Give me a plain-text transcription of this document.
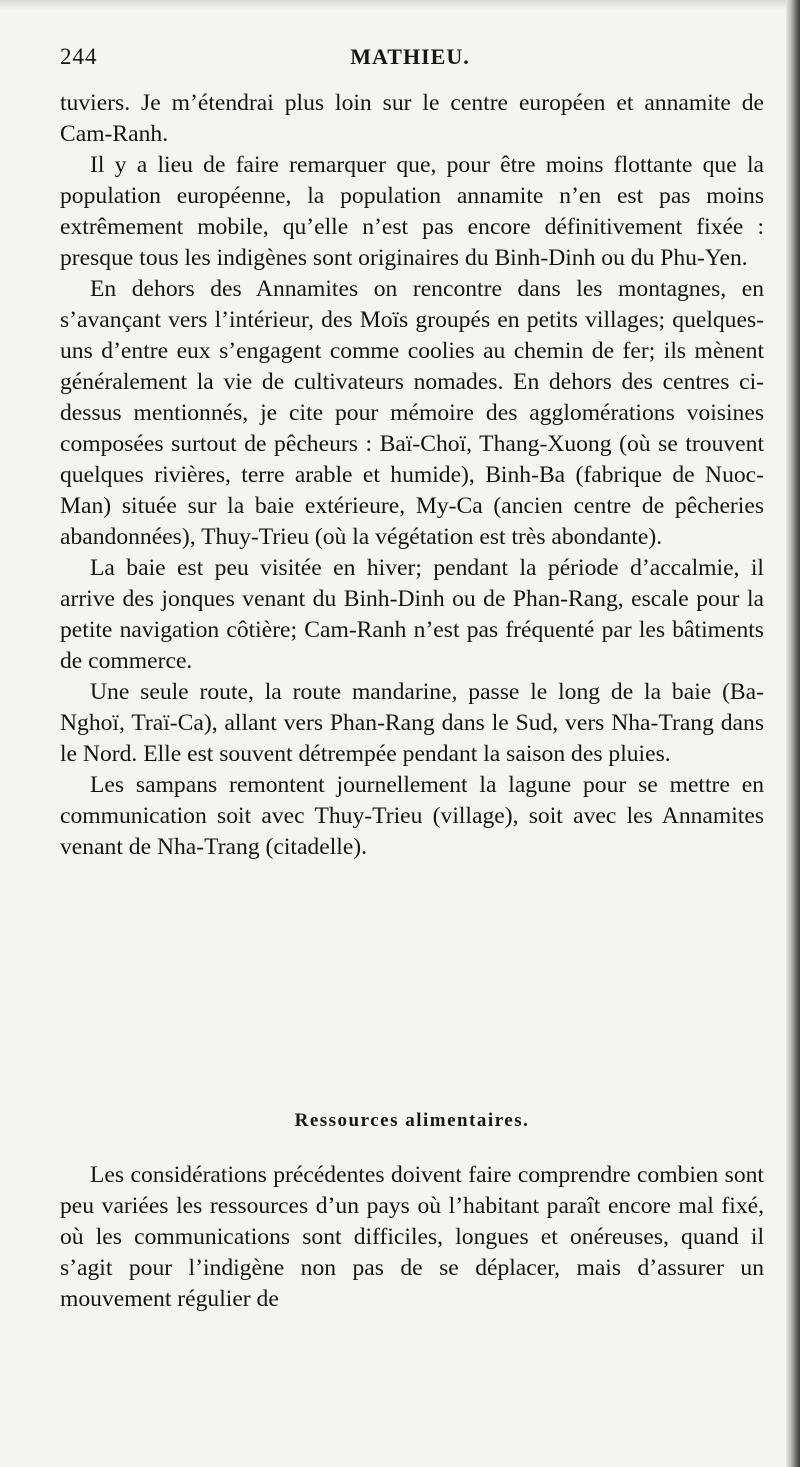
244	MATHIEU.

tuviers. Je m’étendrai plus loin sur le centre européen et annamite de Cam-Ranh.

Il y a lieu de faire remarquer que, pour être moins flottante que la population européenne, la population annamite n’en est pas moins extrêmement mobile, qu’elle n’est pas encore définitivement fixée : presque tous les indigènes sont originaires du Binh-Dinh ou du Phu-Yen.

En dehors des Annamites on rencontre dans les montagnes, en s’avançant vers l’intérieur, des Moïs groupés en petits villages; quelques-uns d’entre eux s’engagent comme coolies au chemin de fer; ils mènent généralement la vie de cultivateurs nomades. En dehors des centres ci-dessus mentionnés, je cite pour mémoire des agglomérations voisines composées surtout de pêcheurs : Baï-Choï, Thang-Xuong (où se trouvent quelques rivières, terre arable et humide), Binh-Ba (fabrique de Nuoc-Man) située sur la baie extérieure, My-Ca (ancien centre de pêcheries abandonnées), Thuy-Trieu (où la végétation est très abondante).

La baie est peu visitée en hiver; pendant la période d’accalmie, il arrive des jonques venant du Binh-Dinh ou de Phan-Rang, escale pour la petite navigation côtière; Cam-Ranh n’est pas fréquenté par les bâtiments de commerce.

Une seule route, la route mandarine, passe le long de la baie (Ba-Nghoï, Traï-Ca), allant vers Phan-Rang dans le Sud, vers Nha-Trang dans le Nord. Elle est souvent détrempée pendant la saison des pluies.

Les sampans remontent journellement la lagune pour se mettre en communication soit avec Thuy-Trieu (village), soit avec les Annamites venant de Nha-Trang (citadelle).

Ressources alimentaires.

Les considérations précédentes doivent faire comprendre combien sont peu variées les ressources d’un pays où l’habitant paraît encore mal fixé, où les communications sont difficiles, longues et onéreuses, quand il s’agit pour l’indigène non pas de se déplacer, mais d’assurer un mouvement régulier de
